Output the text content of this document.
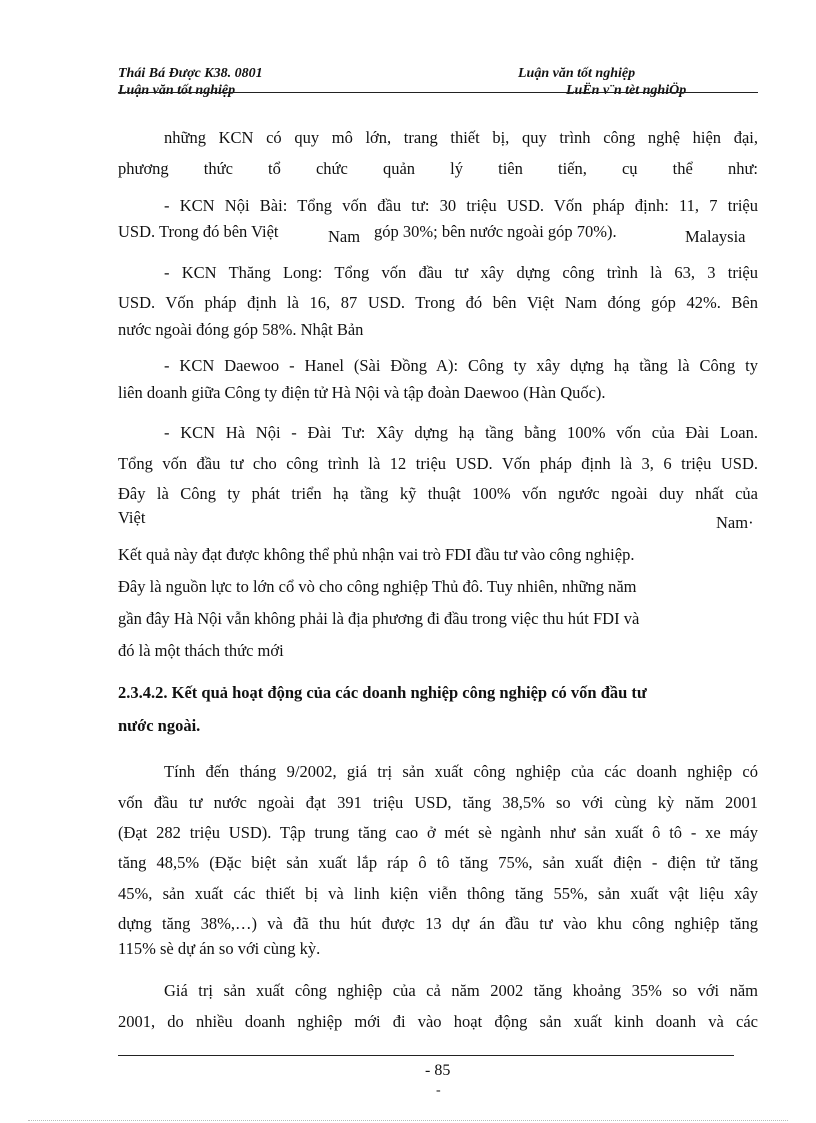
Thái Bá Được K38. 0801	Luận văn tốt nghiệp
Luận văn tốt nghiệp	LuËn v¨n tèt nghiÖp
những KCN có quy mô lớn, trang thiết bị, quy trình công nghệ hiện đại,
phương thức tổ chức quản lý tiên tiến, cụ thể như:
- KCN Nội Bài: Tổng vốn đầu tư: 30 triệu USD. Vốn pháp định: 11, 7 triệu
USD. Trong đó bên Việt	Nam góp 30%; bên nước ngoài góp 70%).	Malaysia
- KCN Thăng Long: Tổng vốn đầu tư xây dựng công trình là 63, 3 triệu
USD. Vốn pháp định là 16, 87 USD. Trong đó bên Việt Nam đóng góp 42%. Bên
nước ngoài đóng góp 58%. Nhật Bản
- KCN Daewoo - Hanel (Sài Đồng A): Công ty xây dựng hạ tầng là Công ty
liên doanh giữa Công ty điện tử Hà Nội và tập đoàn Daewoo (Hàn Quốc).
- KCN Hà Nội - Đài Tư: Xây dựng hạ tầng bằng 100% vốn của Đài Loan.
Tổng vốn đầu tư cho công trình là 12 triệu USD. Vốn pháp định là 3, 6 triệu USD.
Đây là Công ty phát triển hạ tầng kỹ thuật 100% vốn ngước ngoài duy nhất của
Việt	Nam·
Kết quả này đạt được không thể phủ nhận vai trò FDI đầu tư vào công nghiệp.
Đây là nguồn lực to lớn cổ vò cho công nghiệp Thủ đô. Tuy nhiên, những năm
gần đây Hà Nội vẫn không phải là địa phương đi đầu trong việc thu hút FDI và
đó là một thách thức mới
2.3.4.2. Kết quả hoạt động của các doanh nghiệp công nghiệp có vốn đầu tư
nước ngoài.
Tính đến tháng 9/2002, giá trị sản xuất công nghiệp của các doanh nghiệp có
vốn đầu tư nước ngoài đạt 391 triệu USD, tăng 38,5% so với cùng kỳ năm 2001
(Đạt 282 triệu USD). Tập trung tăng cao ở mét sè ngành như sản xuất ô tô - xe máy
tăng 48,5% (Đặc biệt sản xuất lắp ráp ô tô tăng 75%, sản xuất điện - điện tử tăng
45%, sản xuất các thiết bị và linh kiện viễn thông tăng 55%, sản xuất vật liệu xây
dựng tăng 38%,…) và đã thu hút được 13 dự án đầu tư vào khu công nghiệp tăng
115% sè dự án so với cùng kỳ.
Giá trị sản xuất công nghiệp của cả năm 2002 tăng khoảng 35% so với năm
2001, do nhiều doanh nghiệp mới đi vào hoạt động sản xuất kinh doanh và các
- 85
-
